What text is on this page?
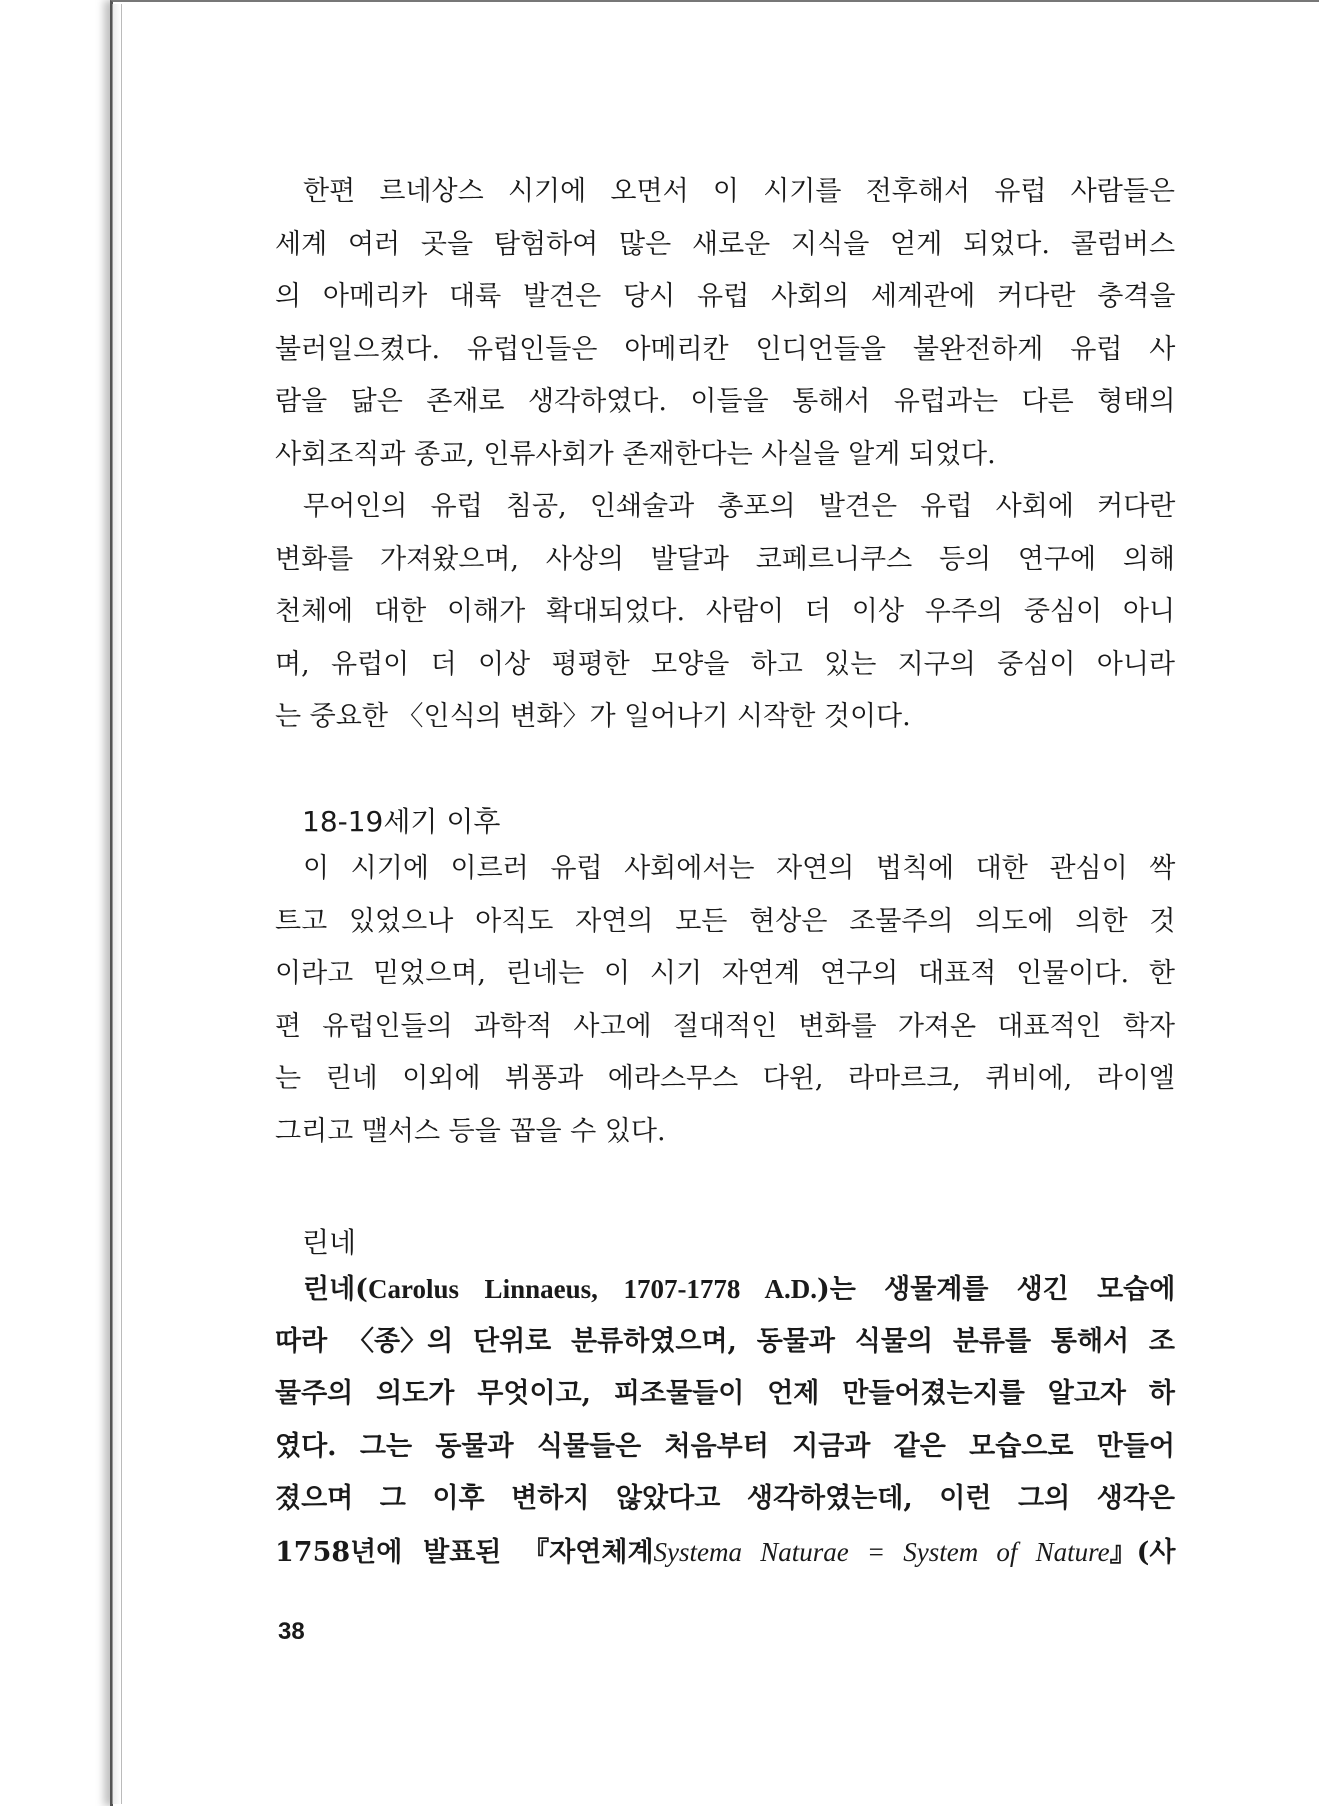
한편 르네상스 시기에 오면서 이 시기를 전후해서 유럽 사람들은
세계 여러 곳을 탐험하여 많은 새로운 지식을 얻게 되었다. 콜럼버스
의 아메리카 대륙 발견은 당시 유럽 사회의 세계관에 커다란 충격을
불러일으켰다. 유럽인들은 아메리칸 인디언들을 불완전하게 유럽 사
람을 닮은 존재로 생각하였다. 이들을 통해서 유럽과는 다른 형태의
사회조직과 종교, 인류사회가 존재한다는 사실을 알게 되었다.
무어인의 유럽 침공, 인쇄술과 총포의 발견은 유럽 사회에 커다란
변화를 가져왔으며, 사상의 발달과 코페르니쿠스 등의 연구에 의해
천체에 대한 이해가 확대되었다. 사람이 더 이상 우주의 중심이 아니
며, 유럽이 더 이상 평평한 모양을 하고 있는 지구의 중심이 아니라
는 중요한 〈인식의 변화〉가 일어나기 시작한 것이다.
18-19세기 이후
이 시기에 이르러 유럽 사회에서는 자연의 법칙에 대한 관심이 싹
트고 있었으나 아직도 자연의 모든 현상은 조물주의 의도에 의한 것
이라고 믿었으며, 린네는 이 시기 자연계 연구의 대표적 인물이다. 한
편 유럽인들의 과학적 사고에 절대적인 변화를 가져온 대표적인 학자
는 린네 이외에 뷔퐁과 에라스무스 다윈, 라마르크, 퀴비에, 라이엘
그리고 맬서스 등을 꼽을 수 있다.
린네
린네(Carolus Linnaeus, 1707-1778 A.D.)는 생물계를 생긴 모습에
따라 〈종〉의 단위로 분류하였으며, 동물과 식물의 분류를 통해서 조
물주의 의도가 무엇이고, 피조물들이 언제 만들어졌는지를 알고자 하
였다. 그는 동물과 식물들은 처음부터 지금과 같은 모습으로 만들어
졌으며 그 이후 변하지 않았다고 생각하였는데, 이런 그의 생각은
1758년에 발표된 『자연체계Systema Naturae = System of Nature』(사
38
